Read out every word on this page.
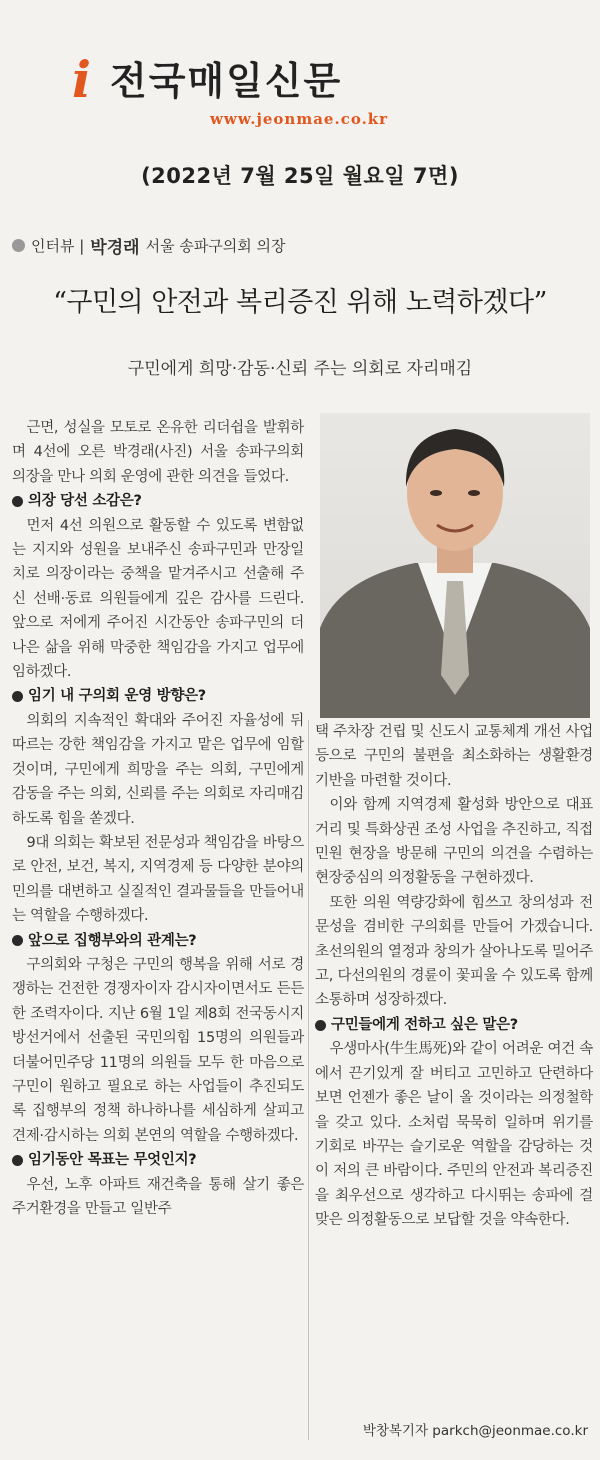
i 전국매일신문
www.jeonmae.co.kr
(2022년 7월 25일 월요일 7면)
인터뷰 | 박경래 서울 송파구의회 의장
“구민의 안전과 복리증진 위해 노력하겠다”
구민에게 희망·감동·신뢰 주는 의회로 자리매김

근면, 성실을 모토로 온유한 리더쉽을 발휘하며 4선에 오른 박경래(사진) 서울 송파구의회 의장을 만나 의회 운영에 관한 의견을 들었다.

의장 당선 소감은?

먼저 4선 의원으로 활동할 수 있도록 변함없는 지지와 성원을 보내주신 송파구민과 만장일치로 의장이라는 중책을 맡겨주시고 선출해 주신 선배·동료 의원들에게 깊은 감사를 드린다. 앞으로 저에게 주어진 시간동안 송파구민의 더 나은 삶을 위해 막중한 책임감을 가지고 업무에 임하겠다.

임기 내 구의회 운영 방향은?

의회의 지속적인 확대와 주어진 자율성에 뒤따르는 강한 책임감을 가지고 맡은 업무에 임할 것이며, 구민에게 희망을 주는 의회, 구민에게 감동을 주는 의회, 신뢰를 주는 의회로 자리매김하도록 힘을 쏟겠다.

9대 의회는 확보된 전문성과 책임감을 바탕으로 안전, 보건, 복지, 지역경제 등 다양한 분야의 민의를 대변하고 실질적인 결과물들을 만들어내는 역할을 수행하겠다.

앞으로 집행부와의 관계는?

구의회와 구청은 구민의 행복을 위해 서로 경쟁하는 건전한 경쟁자이자 감시자이면서도 든든한 조력자이다. 지난 6월 1일 제8회 전국동시지방선거에서 선출된 국민의힘 15명의 의원들과 더불어민주당 11명의 의원들 모두 한 마음으로 구민이 원하고 필요로 하는 사업들이 추진되도록 집행부의 정책 하나하나를 세심하게 살피고 견제·감시하는 의회 본연의 역할을 수행하겠다.

임기동안 목표는 무엇인지?

우선, 노후 아파트 재건축을 통해 살기 좋은 주거환경을 만들고 일반주

택 주차장 건립 및 신도시 교통체계 개선 사업 등으로 구민의 불편을 최소화하는 생활환경 기반을 마련할 것이다.

이와 함께 지역경제 활성화 방안으로 대표거리 및 특화상권 조성 사업을 추진하고, 직접 민원 현장을 방문해 구민의 의견을 수렴하는 현장중심의 의정활동을 구현하겠다.

또한 의원 역량강화에 힘쓰고 창의성과 전문성을 겸비한 구의회를 만들어 가겠습니다. 초선의원의 열정과 창의가 살아나도록 밀어주고, 다선의원의 경륜이 꽃피울 수 있도록 함께 소통하며 성장하겠다.

구민들에게 전하고 싶은 말은?

우생마사(牛生馬死)와 같이 어려운 여건 속에서 끈기있게 잘 버티고 고민하고 단련하다보면 언젠가 좋은 날이 올 것이라는 의정철학을 갖고 있다. 소처럼 묵묵히 일하며 위기를 기회로 바꾸는 슬기로운 역할을 감당하는 것이 저의 큰 바람이다. 주민의 안전과 복리증진을 최우선으로 생각하고 다시뛰는 송파에 걸맞은 의정활동으로 보답할 것을 약속한다.

박창복기자 parkch@jeonmae.co.kr
